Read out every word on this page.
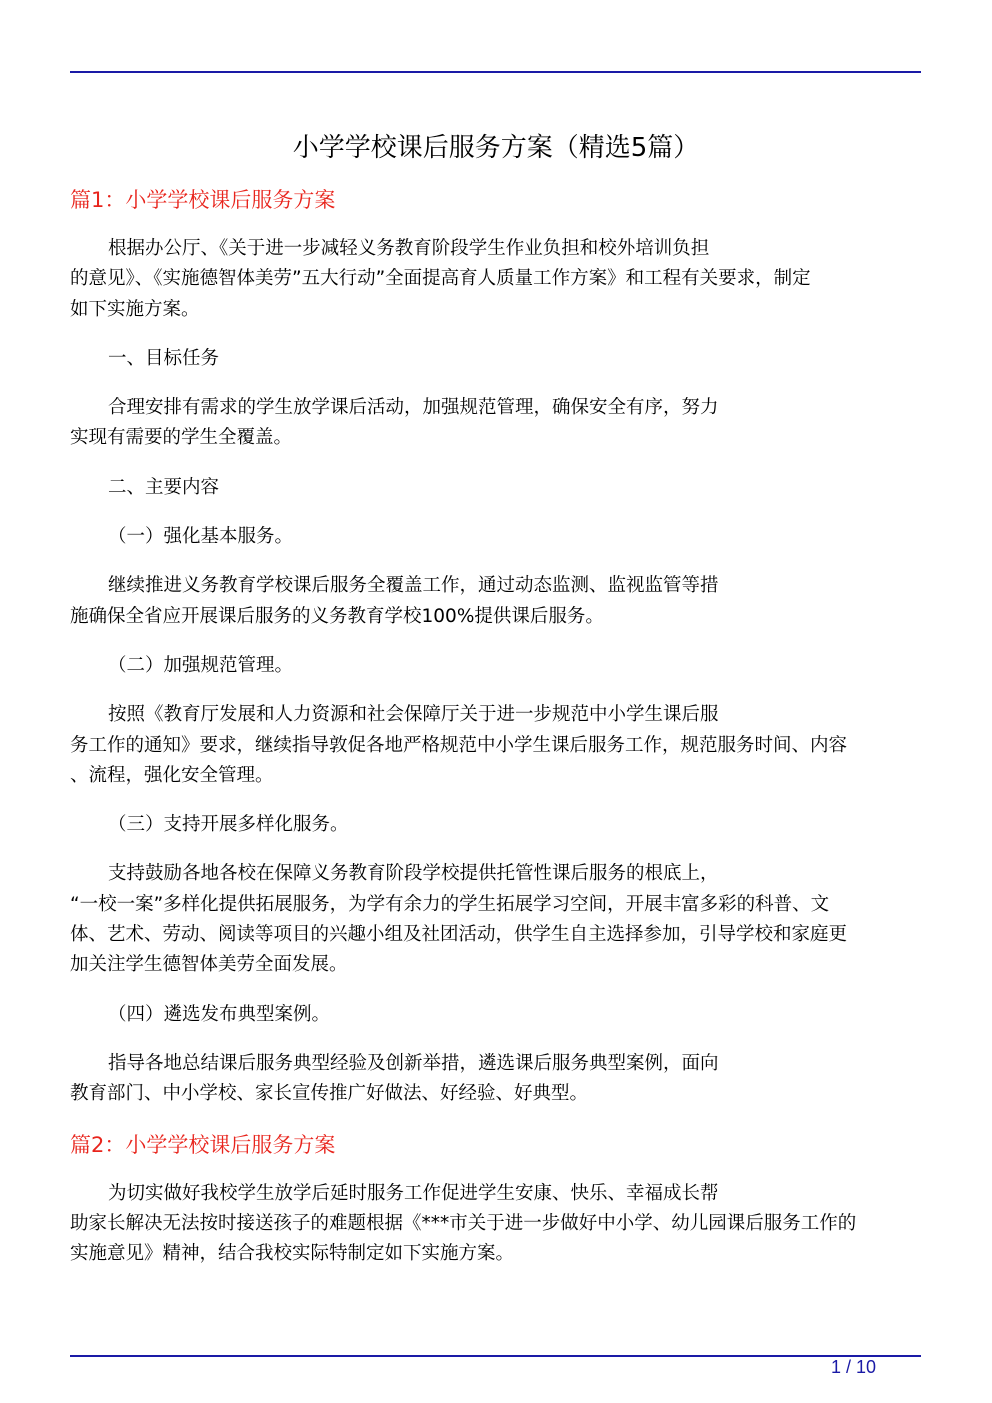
小学学校课后服务方案（精选5篇）
篇1：小学学校课后服务方案
根据办公厅、《关于进一步减轻义务教育阶段学生作业负担和校外培训负担
的意见》、《实施德智体美劳”五大行动”全面提高育人质量工作方案》和工程有关要求，制定
如下实施方案。
一、目标任务
合理安排有需求的学生放学课后活动，加强规范管理，确保安全有序，努力
实现有需要的学生全覆盖。
二、主要内容
（一）强化基本服务。
继续推进义务教育学校课后服务全覆盖工作，通过动态监测、监视监管等措
施确保全省应开展课后服务的义务教育学校100%提供课后服务。
（二）加强规范管理。
按照《教育厅发展和人力资源和社会保障厅关于进一步规范中小学生课后服
务工作的通知》要求，继续指导敦促各地严格规范中小学生课后服务工作，规范服务时间、内容
、流程，强化安全管理。
（三）支持开展多样化服务。
支持鼓励各地各校在保障义务教育阶段学校提供托管性课后服务的根底上，
“一校一案”多样化提供拓展服务，为学有余力的学生拓展学习空间，开展丰富多彩的科普、文
体、艺术、劳动、阅读等项目的兴趣小组及社团活动，供学生自主选择参加，引导学校和家庭更
加关注学生德智体美劳全面发展。
（四）遴选发布典型案例。
指导各地总结课后服务典型经验及创新举措，遴选课后服务典型案例，面向
教育部门、中小学校、家长宣传推广好做法、好经验、好典型。
篇2：小学学校课后服务方案
为切实做好我校学生放学后延时服务工作促进学生安康、快乐、幸福成长帮
助家长解决无法按时接送孩子的难题根据《***市关于进一步做好中小学、幼儿园课后服务工作的
实施意见》精神，结合我校实际特制定如下实施方案。
1 / 10
